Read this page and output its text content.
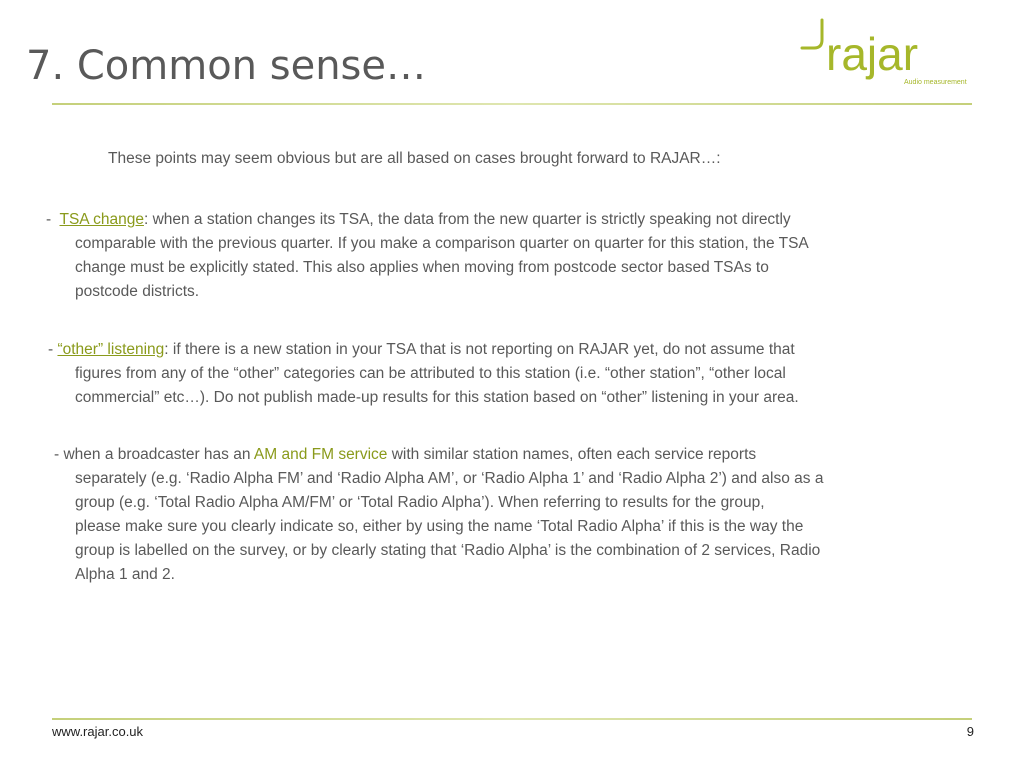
7. Common sense…	rajar
Audio measurement
These points may seem obvious but are all based on cases brought forward to RAJAR…:
-  TSA change: when a station changes its TSA, the data from the new quarter is strictly speaking not directly
comparable with the previous quarter. If you make a comparison quarter on quarter for this station, the TSA
change must be explicitly stated. This also applies when moving from postcode sector based TSAs to
postcode districts.
- “other” listening: if there is a new station in your TSA that is not reporting on RAJAR yet, do not assume that
figures from any of the “other” categories can be attributed to this station (i.e. “other station”, “other local
commercial” etc…). Do not publish made-up results for this station based on “other” listening in your area.
- when a broadcaster has an AM and FM service with similar station names, often each service reports
separately (e.g. ‘Radio Alpha FM’ and ‘Radio Alpha AM’, or ‘Radio Alpha 1’ and ‘Radio Alpha 2’) and also as a
group (e.g. ‘Total Radio Alpha AM/FM’ or ‘Total Radio Alpha’). When referring to results for the group,
please make sure you clearly indicate so, either by using the name ‘Total Radio Alpha’ if this is the way the
group is labelled on the survey, or by clearly stating that ‘Radio Alpha’ is the combination of 2 services, Radio
Alpha 1 and 2.
www.rajar.co.uk	9
